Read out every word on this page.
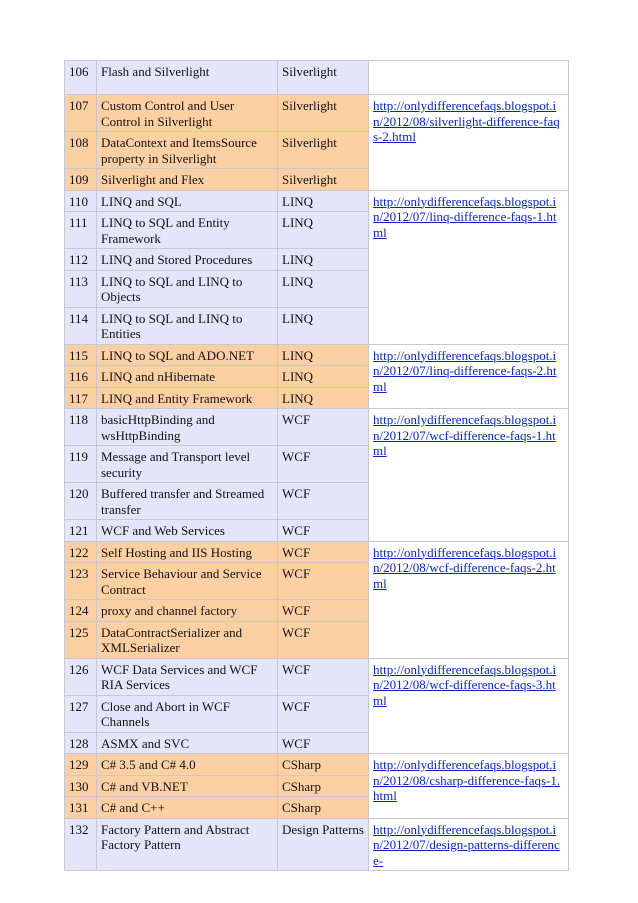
106	Flash and Silverlight	Silverlight	
107	Custom Control and User Control in Silverlight	Silverlight	http://onlydifferencefaqs.blogspot.in/2012/08/silverlight-difference-faqs-2.html
108	DataContext and ItemsSource property in Silverlight	Silverlight	
109	Silverlight and Flex	Silverlight	
110	LINQ and SQL	LINQ	http://onlydifferencefaqs.blogspot.in/2012/07/linq-difference-faqs-1.html
111	LINQ to SQL and Entity Framework	LINQ	
112	LINQ and Stored Procedures	LINQ	
113	LINQ to SQL and LINQ to Objects	LINQ	
114	LINQ to SQL and LINQ to Entities	LINQ	
115	LINQ to SQL and ADO.NET	LINQ	http://onlydifferencefaqs.blogspot.in/2012/07/linq-difference-faqs-2.html
116	LINQ and nHibernate	LINQ	
117	LINQ and Entity Framework	LINQ	
118	basicHttpBinding and wsHttpBinding	WCF	http://onlydifferencefaqs.blogspot.in/2012/07/wcf-difference-faqs-1.html
119	Message and Transport level security	WCF	
120	Buffered transfer and Streamed transfer	WCF	
121	WCF and Web Services	WCF	
122	Self Hosting and IIS Hosting	WCF	http://onlydifferencefaqs.blogspot.in/2012/08/wcf-difference-faqs-2.html
123	Service Behaviour and Service Contract	WCF	
124	proxy and channel factory	WCF	
125	DataContractSerializer and XMLSerializer	WCF	
126	WCF Data Services and WCF RIA Services	WCF	http://onlydifferencefaqs.blogspot.in/2012/08/wcf-difference-faqs-3.html
127	Close and Abort in WCF Channels	WCF	
128	ASMX and SVC	WCF	
129	C# 3.5 and C# 4.0	CSharp	http://onlydifferencefaqs.blogspot.in/2012/08/csharp-difference-faqs-1.html
130	C# and VB.NET	CSharp	
131	C# and C++	CSharp	
132	Factory Pattern and Abstract Factory Pattern	Design Patterns	http://onlydifferencefaqs.blogspot.in/2012/07/design-patterns-difference-
